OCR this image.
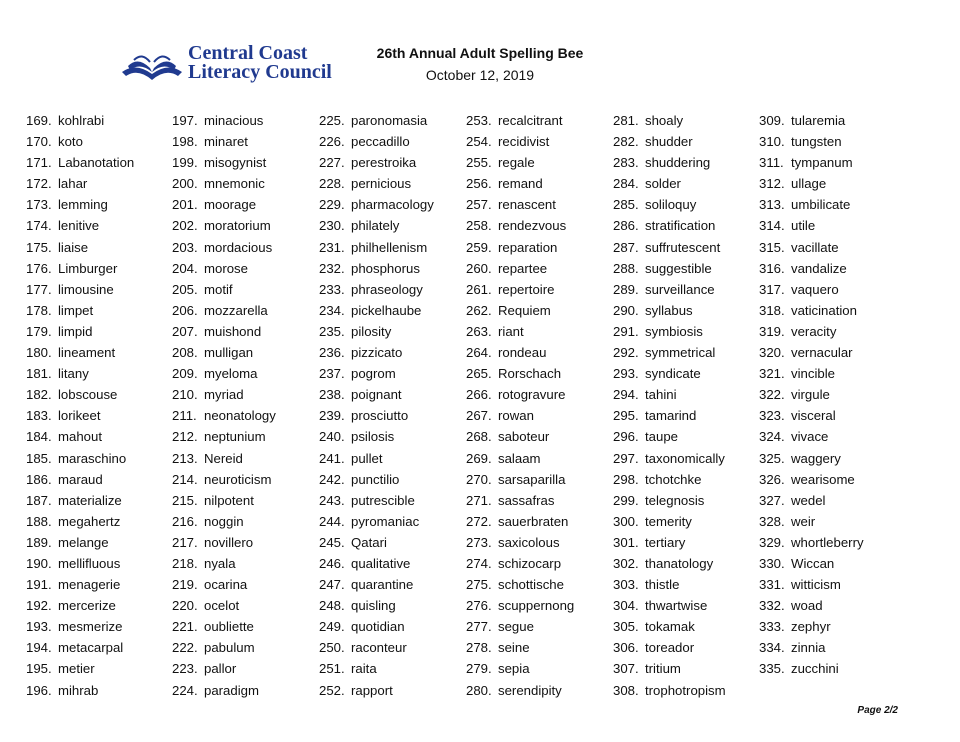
Central Coast
Literacy Council
26th Annual Adult Spelling Bee
October 12, 2019
169. kohlrabi
170. koto
171. Labanotation
172. lahar
173. lemming
174. lenitive
175. liaise
176. Limburger
177. limousine
178. limpet
179. limpid
180. lineament
181. litany
182. lobscouse
183. lorikeet
184. mahout
185. maraschino
186. maraud
187. materialize
188. megahertz
189. melange
190. mellifluous
191. menagerie
192. mercerize
193. mesmerize
194. metacarpal
195. metier
196. mihrab
197. minacious
198. minaret
199. misogynist
200. mnemonic
201. moorage
202. moratorium
203. mordacious
204. morose
205. motif
206. mozzarella
207. muishond
208. mulligan
209. myeloma
210. myriad
211. neonatology
212. neptunium
213. Nereid
214. neuroticism
215. nilpotent
216. noggin
217. novillero
218. nyala
219. ocarina
220. ocelot
221. oubliette
222. pabulum
223. pallor
224. paradigm
225. paronomasia
226. peccadillo
227. perestroika
228. pernicious
229. pharmacology
230. philately
231. philhellenism
232. phosphorus
233. phraseology
234. pickelhaube
235. pilosity
236. pizzicato
237. pogrom
238. poignant
239. prosciutto
240. psilosis
241. pullet
242. punctilio
243. putrescible
244. pyromaniac
245. Qatari
246. qualitative
247. quarantine
248. quisling
249. quotidian
250. raconteur
251. raita
252. rapport
253. recalcitrant
254. recidivist
255. regale
256. remand
257. renascent
258. rendezvous
259. reparation
260. repartee
261. repertoire
262. Requiem
263. riant
264. rondeau
265. Rorschach
266. rotogravure
267. rowan
268. saboteur
269. salaam
270. sarsaparilla
271. sassafras
272. sauerbraten
273. saxicolous
274. schizocarp
275. schottische
276. scuppernong
277. segue
278. seine
279. sepia
280. serendipity
281. shoaly
282. shudder
283. shuddering
284. solder
285. soliloquy
286. stratification
287. suffrutescent
288. suggestible
289. surveillance
290. syllabus
291. symbiosis
292. symmetrical
293. syndicate
294. tahini
295. tamarind
296. taupe
297. taxonomically
298. tchotchke
299. telegnosis
300. temerity
301. tertiary
302. thanatology
303. thistle
304. thwartwise
305. tokamak
306. toreador
307. tritium
308. trophotropism
309. tularemia
310. tungsten
311. tympanum
312. ullage
313. umbilicate
314. utile
315. vacillate
316. vandalize
317. vaquero
318. vaticination
319. veracity
320. vernacular
321. vincible
322. virgule
323. visceral
324. vivace
325. waggery
326. wearisome
327. wedel
328. weir
329. whortleberry
330. Wiccan
331. witticism
332. woad
333. zephyr
334. zinnia
335. zucchini
Page 2/2
